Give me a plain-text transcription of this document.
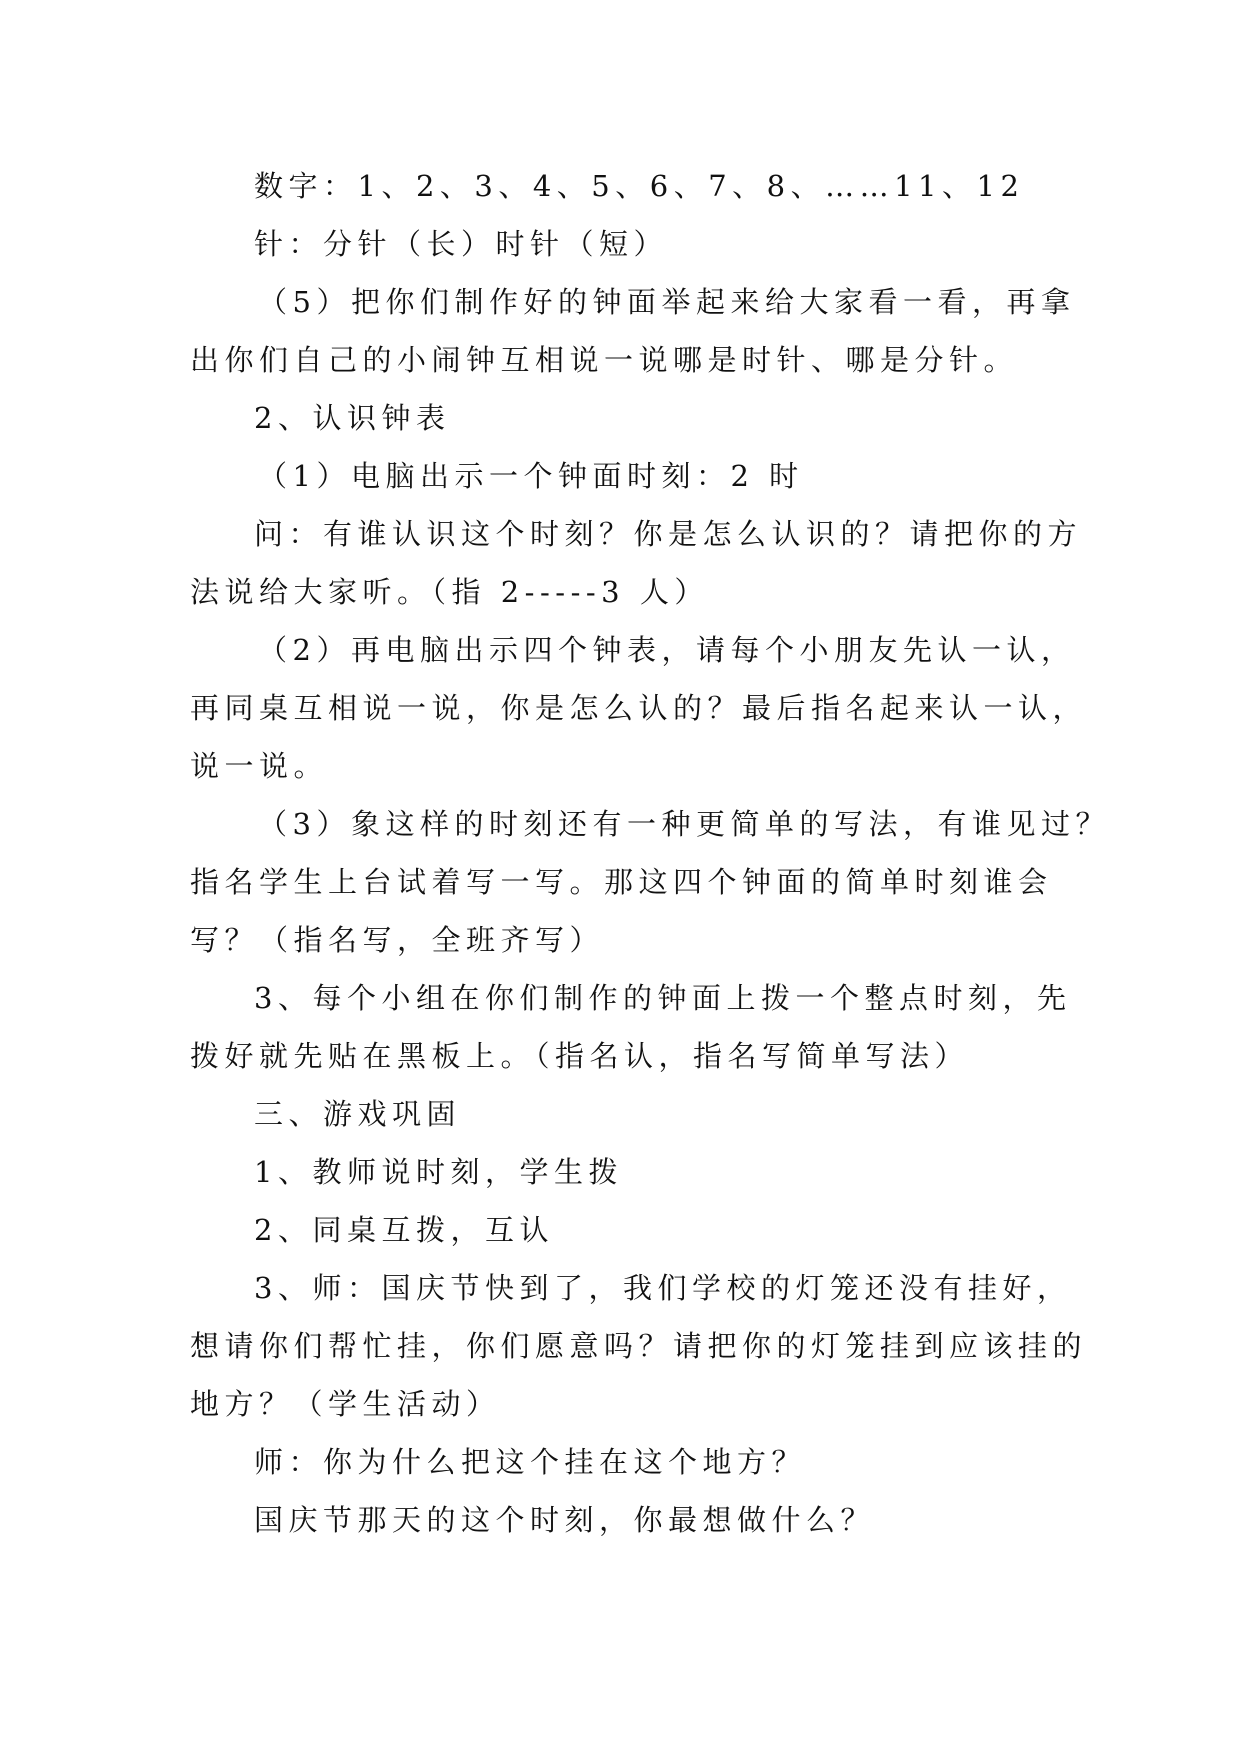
数字：1、2、3、4、5、6、7、8、……11、12
针：分针（长）时针（短）
（5）把你们制作好的钟面举起来给大家看一看，再拿
出你们自己的小闹钟互相说一说哪是时针、哪是分针。
2、认识钟表
（1）电脑出示一个钟面时刻：2 时
问：有谁认识这个时刻？你是怎么认识的？请把你的方
法说给大家听。（指 2-----3 人）
（2）再电脑出示四个钟表，请每个小朋友先认一认，
再同桌互相说一说，你是怎么认的？最后指名起来认一认，
说一说。
（3）象这样的时刻还有一种更简单的写法，有谁见过？
指名学生上台试着写一写。那这四个钟面的简单时刻谁会
写？（指名写，全班齐写）
3、每个小组在你们制作的钟面上拨一个整点时刻，先
拨好就先贴在黑板上。（指名认，指名写简单写法）
三、游戏巩固
1、教师说时刻，学生拨
2、同桌互拨，互认
3、师：国庆节快到了，我们学校的灯笼还没有挂好，
想请你们帮忙挂，你们愿意吗？请把你的灯笼挂到应该挂的
地方？（学生活动）
师：你为什么把这个挂在这个地方？
国庆节那天的这个时刻，你最想做什么？
